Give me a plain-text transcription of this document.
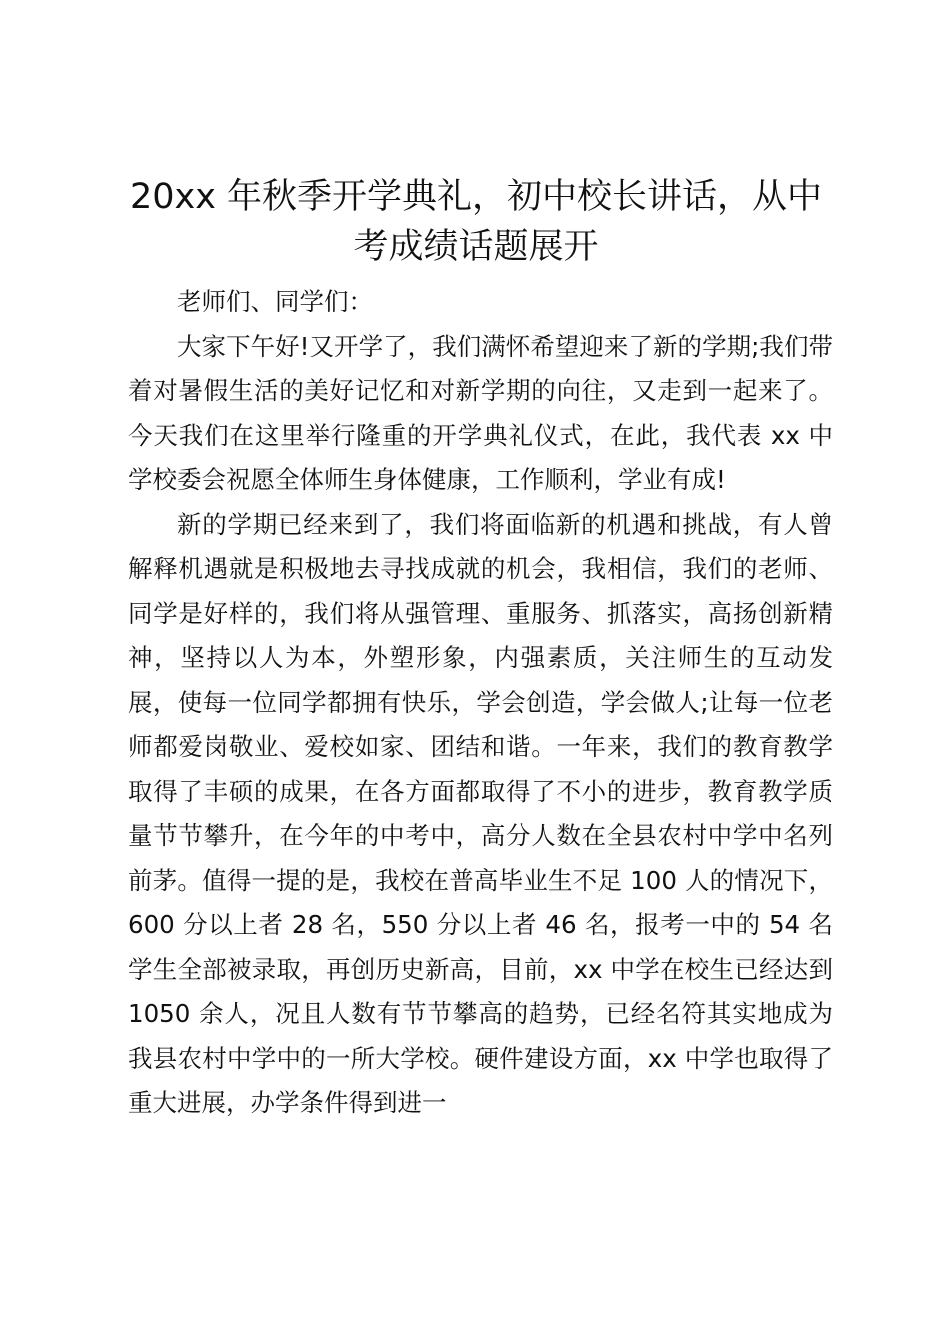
20xx 年秋季开学典礼，初中校长讲话，从中考成绩话题展开

老师们、同学们：

大家下午好!又开学了，我们满怀希望迎来了新的学期;我们带着对暑假生活的美好记忆和对新学期的向往，又走到一起来了。今天我们在这里举行隆重的开学典礼仪式，在此，我代表 xx 中学校委会祝愿全体师生身体健康，工作顺利，学业有成!

新的学期已经来到了，我们将面临新的机遇和挑战，有人曾解释机遇就是积极地去寻找成就的机会，我相信，我们的老师、同学是好样的，我们将从强管理、重服务、抓落实，高扬创新精神，坚持以人为本，外塑形象，内强素质，关注师生的互动发展，使每一位同学都拥有快乐，学会创造，学会做人;让每一位老师都爱岗敬业、爱校如家、团结和谐。一年来，我们的教育教学取得了丰硕的成果，在各方面都取得了不小的进步，教育教学质量节节攀升，在今年的中考中，高分人数在全县农村中学中名列前茅。值得一提的是，我校在普高毕业生不足 100 人的情况下，600 分以上者 28 名，550 分以上者 46 名，报考一中的 54 名学生全部被录取，再创历史新高，目前，xx 中学在校生已经达到 1050 余人，况且人数有节节攀高的趋势，已经名符其实地成为我县农村中学中的一所大学校。硬件建设方面，xx 中学也取得了重大进展，办学条件得到进一
